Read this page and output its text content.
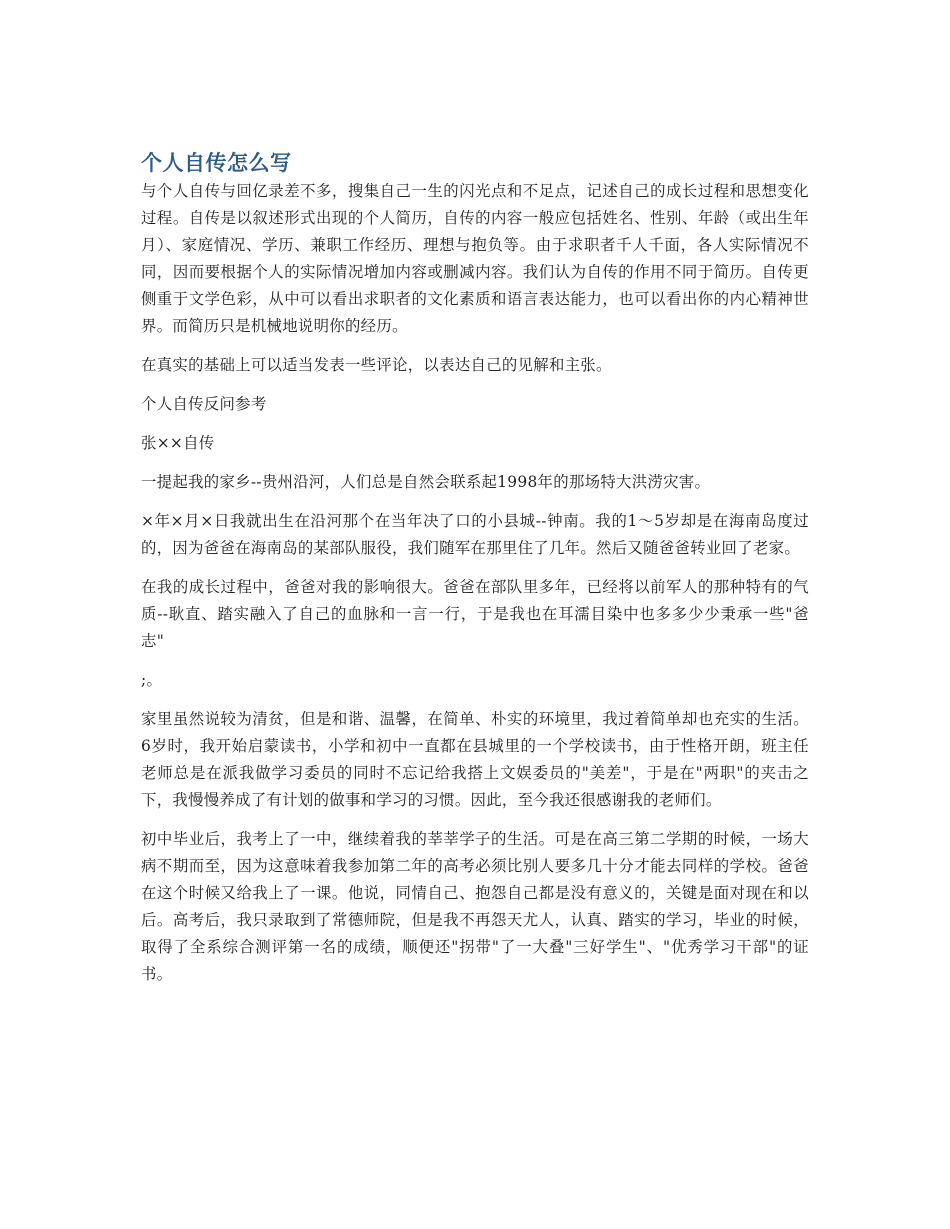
个人自传怎么写

与个人自传与回亿录差不多，搜集自己一生的闪光点和不足点，记述自己的成长过程和思想变化过程。自传是以叙述形式出现的个人简历，自传的内容一般应包括姓名、性别、年龄（或出生年月）、家庭情况、学历、兼职工作经历、理想与抱负等。由于求职者千人千面，各人实际情况不同，因而要根据个人的实际情况增加内容或删减内容。我们认为自传的作用不同于简历。自传更侧重于文学色彩，从中可以看出求职者的文化素质和语言表达能力，也可以看出你的内心精神世界。而简历只是机械地说明你的经历。

在真实的基础上可以适当发表一些评论，以表达自己的见解和主张。

个人自传反问参考

张××自传

一提起我的家乡--贵州沿河，人们总是自然会联系起1998年的那场特大洪涝灾害。

×年×月×日我就出生在沿河那个在当年决了口的小县城--钟南。我的1～5岁却是在海南岛度过的，因为爸爸在海南岛的某部队服役，我们随军在那里住了几年。然后又随爸爸转业回了老家。

在我的成长过程中，爸爸对我的影响很大。爸爸在部队里多年，已经将以前军人的那种特有的气质--耿直、踏实融入了自己的血脉和一言一行，于是我也在耳濡目染中也多多少少秉承一些"爸志"

;。

家里虽然说较为清贫，但是和谐、温馨，在简单、朴实的环境里，我过着简单却也充实的生活。6岁时，我开始启蒙读书，小学和初中一直都在县城里的一个学校读书，由于性格开朗，班主任老师总是在派我做学习委员的同时不忘记给我搭上文娱委员的"美差"，于是在"两职"的夹击之下，我慢慢养成了有计划的做事和学习的习惯。因此，至今我还很感谢我的老师们。

初中毕业后，我考上了一中，继续着我的莘莘学子的生活。可是在高三第二学期的时候，一场大病不期而至，因为这意味着我参加第二年的高考必须比别人要多几十分才能去同样的学校。爸爸在这个时候又给我上了一课。他说，同情自己、抱怨自己都是没有意义的，关键是面对现在和以后。高考后，我只录取到了常德师院，但是我不再怨天尤人，认真、踏实的学习，毕业的时候，取得了全系综合测评第一名的成绩，顺便还"拐带"了一大叠"三好学生"、"优秀学习干部"的证书。
